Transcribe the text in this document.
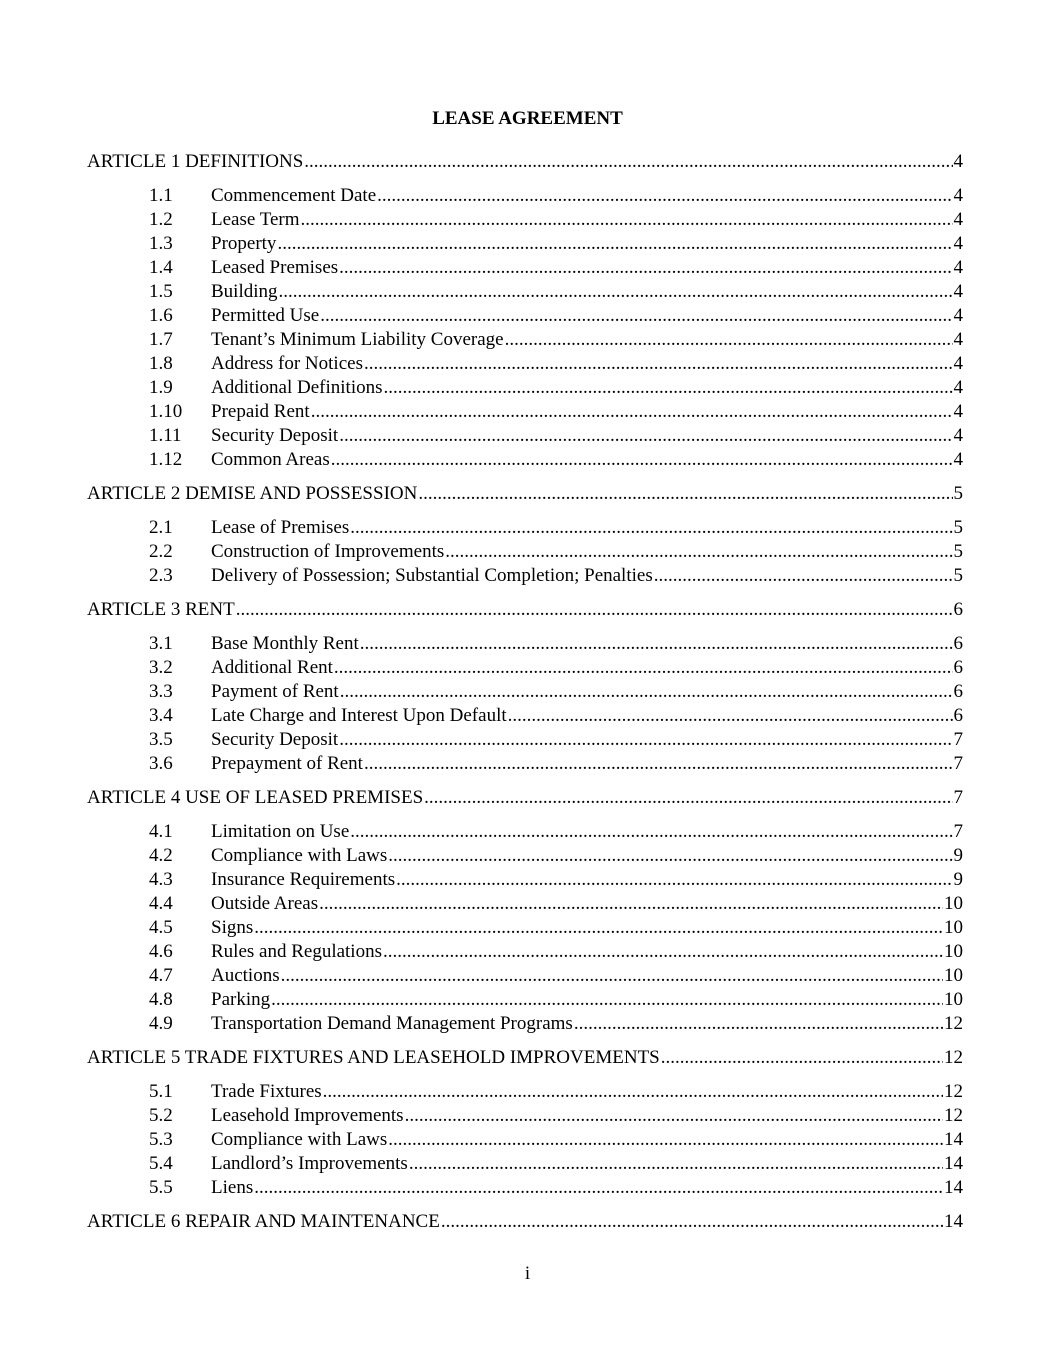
LEASE AGREEMENT
ARTICLE 1 DEFINITIONS .....	4
1.1	Commencement Date .....	4
1.2	Lease Term .....	4
1.3	Property .....	4
1.4	Leased Premises .....	4
1.5	Building .....	4
1.6	Permitted Use .....	4
1.7	Tenant’s Minimum Liability Coverage .....	4
1.8	Address for Notices .....	4
1.9	Additional Definitions .....	4
1.10	Prepaid Rent .....	4
1.11	Security Deposit .....	4
1.12	Common Areas .....	4
ARTICLE 2 DEMISE AND POSSESSION .....	5
2.1	Lease of Premises .....	5
2.2	Construction of Improvements .....	5
2.3	Delivery of Possession; Substantial Completion; Penalties .....	5
ARTICLE 3 RENT .....	6
3.1	Base Monthly Rent .....	6
3.2	Additional Rent .....	6
3.3	Payment of Rent .....	6
3.4	Late Charge and Interest Upon Default .....	6
3.5	Security Deposit .....	7
3.6	Prepayment of Rent .....	7
ARTICLE 4 USE OF LEASED PREMISES .....	7
4.1	Limitation on Use .....	7
4.2	Compliance with Laws .....	9
4.3	Insurance Requirements .....	9
4.4	Outside Areas .....	10
4.5	Signs .....	10
4.6	Rules and Regulations .....	10
4.7	Auctions .....	10
4.8	Parking .....	10
4.9	Transportation Demand Management Programs .....	12
ARTICLE 5 TRADE FIXTURES AND LEASEHOLD IMPROVEMENTS .....	12
5.1	Trade Fixtures .....	12
5.2	Leasehold Improvements .....	12
5.3	Compliance with Laws .....	14
5.4	Landlord’s Improvements .....	14
5.5	Liens .....	14
ARTICLE 6 REPAIR AND MAINTENANCE .....	14
i
